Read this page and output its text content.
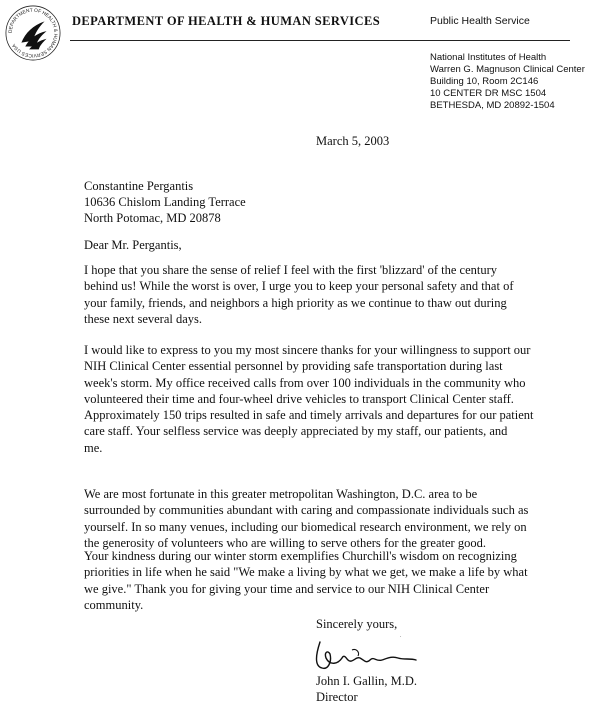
DEPARTMENT OF HEALTH & HUMAN SERVICES USA
DEPARTMENT OF HEALTH & HUMAN SERVICES	Public Health Service
National Institutes of Health
Warren G. Magnuson Clinical Center
Building 10, Room 2C146
10 CENTER DR MSC 1504
BETHESDA, MD 20892-1504
March 5, 2003
Constantine Pergantis
10636 Chislom Landing Terrace
North Potomac, MD 20878
Dear Mr. Pergantis,
I hope that you share the sense of relief I feel with the first 'blizzard' of the century
behind us! While the worst is over, I urge you to keep your personal safety and that of
your family, friends, and neighbors a high priority as we continue to thaw out during
these next several days.
I would like to express to you my most sincere thanks for your willingness to support our
NIH Clinical Center essential personnel by providing safe transportation during last
week's storm. My office received calls from over 100 individuals in the community who
volunteered their time and four-wheel drive vehicles to transport Clinical Center staff.
Approximately 150 trips resulted in safe and timely arrivals and departures for our patient
care staff. Your selfless service was deeply appreciated by my staff, our patients, and
me.
We are most fortunate in this greater metropolitan Washington, D.C. area to be
surrounded by communities abundant with caring and compassionate individuals such as
yourself. In so many venues, including our biomedical research environment, we rely on
the generosity of volunteers who are willing to serve others for the greater good.
Your kindness during our winter storm exemplifies Churchill's wisdom on recognizing
priorities in life when he said "We make a living by what we get, we make a life by what
we give." Thank you for giving your time and service to our NIH Clinical Center
community.
Sincerely yours,
John I. Gallin, M.D.
Director
